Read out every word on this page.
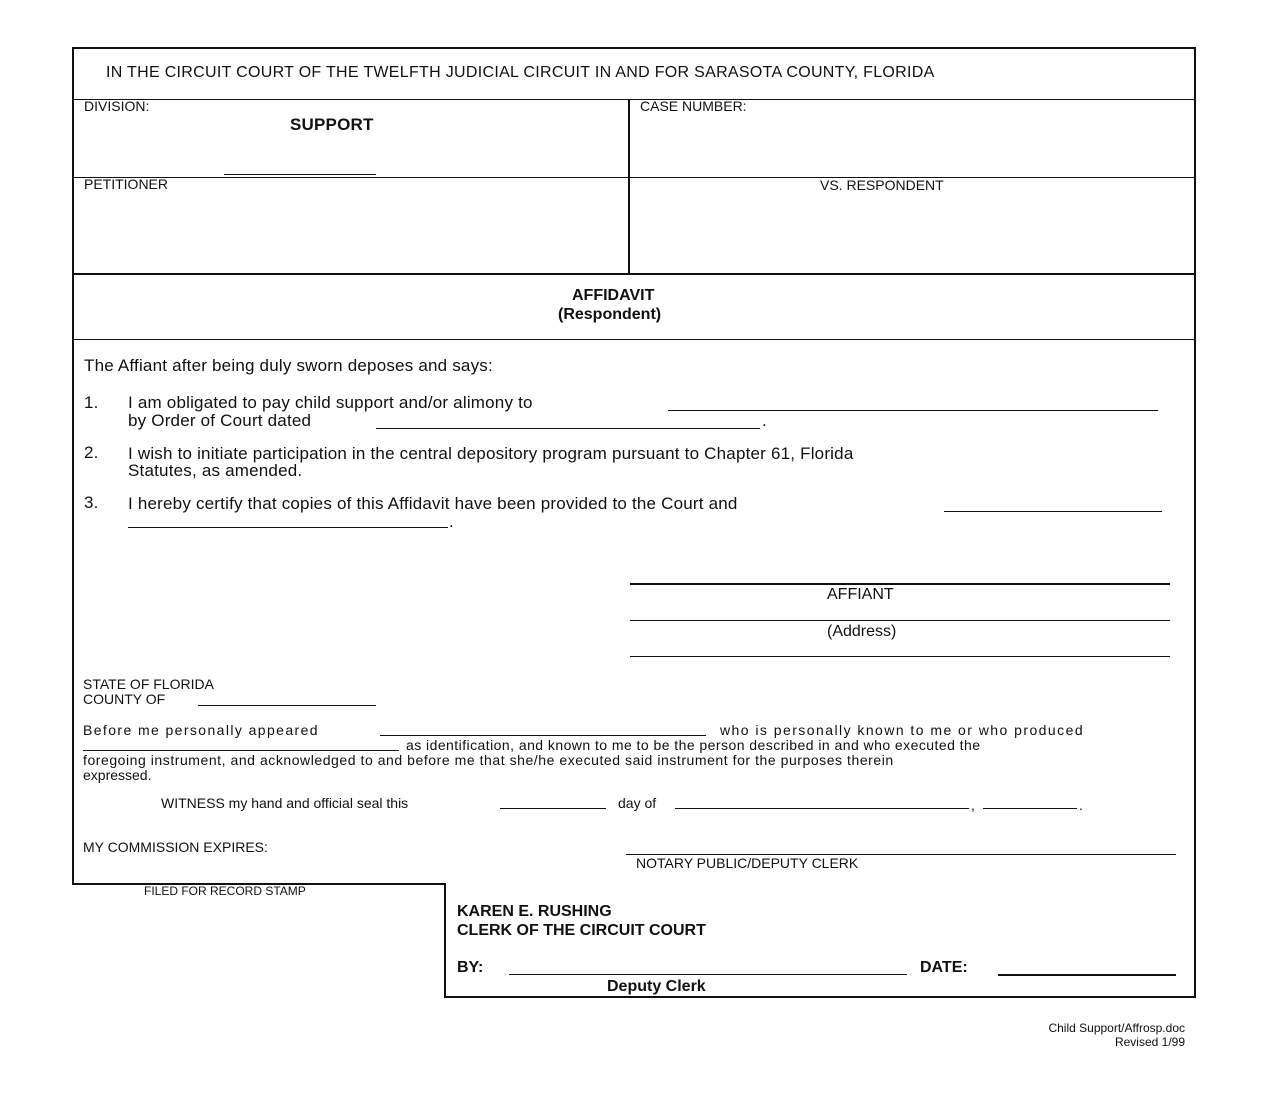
IN THE CIRCUIT COURT OF THE TWELFTH JUDICIAL CIRCUIT IN AND FOR SARASOTA COUNTY, FLORIDA
DIVISION:
SUPPORT
CASE NUMBER:
PETITIONER	VS. RESPONDENT
AFFIDAVIT
(Respondent)
The Affiant after being duly sworn deposes and says:
1. I am obligated to pay child support and/or alimony to
by Order of Court dated	.
2. I wish to initiate participation in the central depository program pursuant to Chapter 61, Florida
Statutes, as amended.
3. I hereby certify that copies of this Affidavit have been provided to the Court and
.
AFFIANT
(Address)
STATE OF FLORIDA
COUNTY OF
Before me personally appeared	who is personally known to me or who produced
as identification, and known to me to be the person described in and who executed the
foregoing instrument, and acknowledged to and before me that she/he executed said instrument for the purposes therein
expressed.
WITNESS my hand and official seal this	day of	,	.
MY COMMISSION EXPIRES:
NOTARY PUBLIC/DEPUTY CLERK
FILED FOR RECORD STAMP
KAREN E. RUSHING
CLERK OF THE CIRCUIT COURT
BY:	DATE:
Deputy Clerk
Child Support/Affrosp.doc
Revised 1/99
